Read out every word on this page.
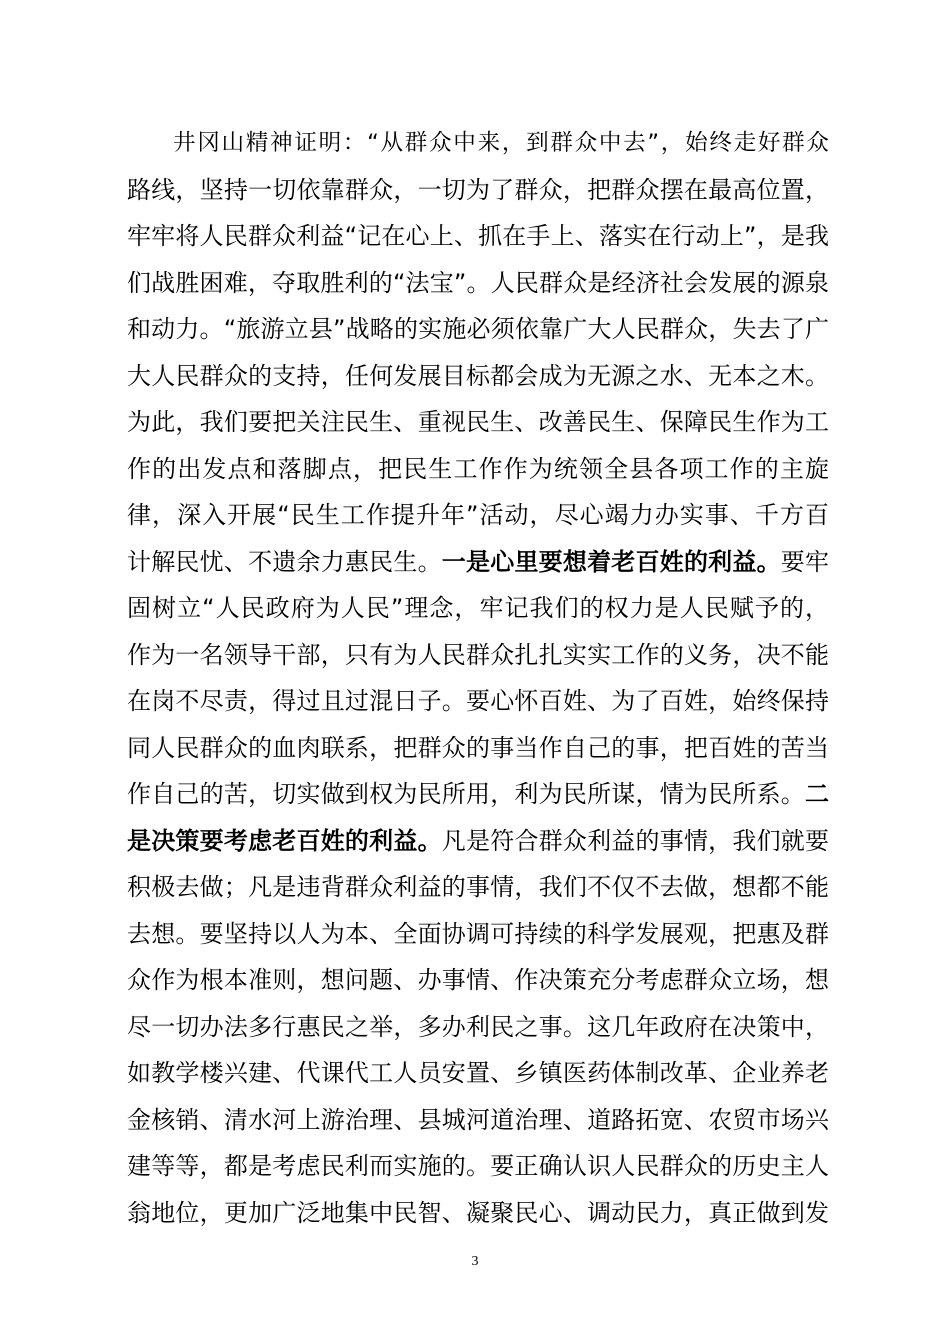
井冈山精神证明：“从群众中来，到群众中去”，始终走好群众
路线，坚持一切依靠群众，一切为了群众，把群众摆在最高位置，
牢牢将人民群众利益“记在心上、抓在手上、落实在行动上”，是我
们战胜困难，夺取胜利的“法宝”。人民群众是经济社会发展的源泉
和动力。“旅游立县”战略的实施必须依靠广大人民群众，失去了广
大人民群众的支持，任何发展目标都会成为无源之水、无本之木。
为此，我们要把关注民生、重视民生、改善民生、保障民生作为工
作的出发点和落脚点，把民生工作作为统领全县各项工作的主旋
律，深入开展“民生工作提升年”活动，尽心竭力办实事、千方百
计解民忧、不遗余力惠民生。一是心里要想着老百姓的利益。要牢
固树立“人民政府为人民”理念，牢记我们的权力是人民赋予的，
作为一名领导干部，只有为人民群众扎扎实实工作的义务，决不能
在岗不尽责，得过且过混日子。要心怀百姓、为了百姓，始终保持
同人民群众的血肉联系，把群众的事当作自己的事，把百姓的苦当
作自己的苦，切实做到权为民所用，利为民所谋，情为民所系。二
是决策要考虑老百姓的利益。凡是符合群众利益的事情，我们就要
积极去做；凡是违背群众利益的事情，我们不仅不去做，想都不能
去想。要坚持以人为本、全面协调可持续的科学发展观，把惠及群
众作为根本准则，想问题、办事情、作决策充分考虑群众立场，想
尽一切办法多行惠民之举，多办利民之事。这几年政府在决策中，
如教学楼兴建、代课代工人员安置、乡镇医药体制改革、企业养老
金核销、清水河上游治理、县城河道治理、道路拓宽、农贸市场兴
建等等，都是考虑民利而实施的。要正确认识人民群众的历史主人
翁地位，更加广泛地集中民智、凝聚民心、调动民力，真正做到发
3
